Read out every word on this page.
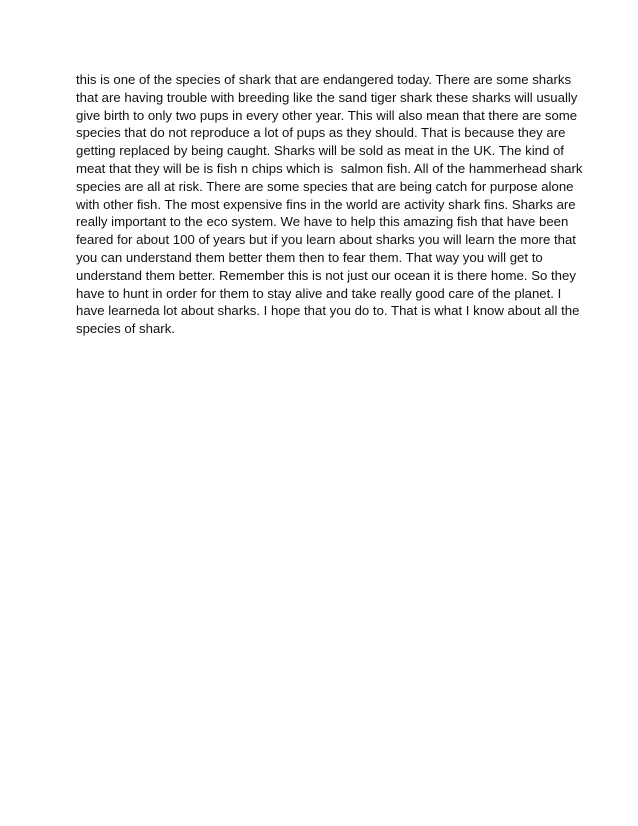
this is one of the species of shark that are endangered today. There are some sharks
that are having trouble with breeding like the sand tiger shark these sharks will usually
give birth to only two pups in every other year. This will also mean that there are some
species that do not reproduce a lot of pups as they should. That is because they are
getting replaced by being caught. Sharks will be sold as meat in the UK. The kind of
meat that they will be is fish n chips which is  salmon fish. All of the hammerhead shark
species are all at risk. There are some species that are being catch for purpose alone
with other fish. The most expensive fins in the world are activity shark fins. Sharks are
really important to the eco system. We have to help this amazing fish that have been
feared for about 100 of years but if you learn about sharks you will learn the more that
you can understand them better them then to fear them. That way you will get to
understand them better. Remember this is not just our ocean it is there home. So they
have to hunt in order for them to stay alive and take really good care of the planet. I
have learneda lot about sharks. I hope that you do to. That is what I know about all the
species of shark.
